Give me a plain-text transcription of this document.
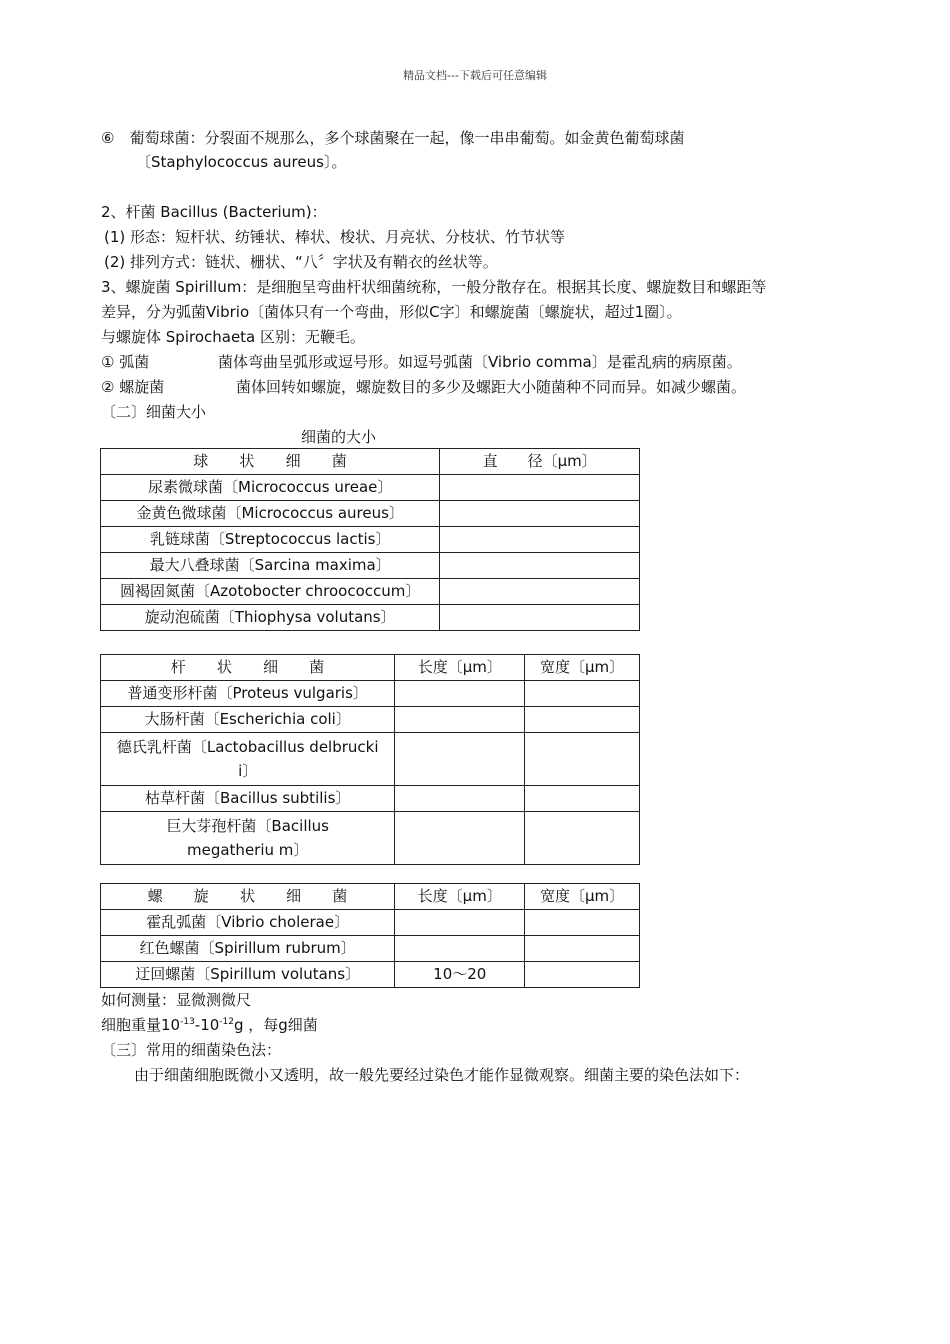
精品文档---下载后可任意编辑
⑥　葡萄球菌：分裂面不规那么，多个球菌聚在一起，像一串串葡萄。如金黄色葡萄球菌
〔Staphylococcus aureus〕。
2、杆菌 Bacillus (Bacterium)：
(1) 形态：短杆状、纺锤状、棒状、梭状、月亮状、分枝状、竹节状等
(2) 排列方式：链状、栅状、“八〞字状及有鞘衣的丝状等。
3、螺旋菌 Spirillum：是细胞呈弯曲杆状细菌统称，一般分散存在。根据其长度、螺旋数目和螺距等
差异，分为弧菌Vibrio〔菌体只有一个弯曲，形似C字〕和螺旋菌〔螺旋状，超过1圈〕。
与螺旋体 Spirochaeta 区别：无鞭毛。
① 弧菌	菌体弯曲呈弧形或逗号形。如逗号弧菌〔Vibrio comma〕是霍乱病的病原菌。
② 螺旋菌	菌体回转如螺旋，螺旋数目的多少及螺距大小随菌种不同而异。如减少螺菌。
〔二〕细菌大小
细菌的大小
球　　状　　细　　菌	直　　径〔μm〕
尿素微球菌〔Micrococcus ureae〕	
金黄色微球菌〔Micrococcus aureus〕	
乳链球菌〔Streptococcus lactis〕	
最大八叠球菌〔Sarcina maxima〕	
圆褐固氮菌〔Azotobocter chroococcum〕	
旋动泡硫菌〔Thiophysa volutans〕	
杆　　状　　细　　菌	长度〔μm〕	宽度〔μm〕
普通变形杆菌〔Proteus vulgaris〕		
大肠杆菌〔Escherichia coli〕		
德氏乳杆菌〔Lactobacillus delbrucki i〕		
枯草杆菌〔Bacillus subtilis〕		
巨大芽孢杆菌〔Bacillus megatheriu m〕		
螺　　旋　　状　　细　　菌	长度〔μm〕	宽度〔μm〕
霍乱弧菌〔Vibrio cholerae〕		
红色螺菌〔Spirillum rubrum〕		
迂回螺菌〔Spirillum volutans〕	10～20	
如何测量：显微测微尺
细胞重量$10^{-13}-10^{-12}g$ ，每g细菌
〔三〕常用的细菌染色法：
由于细菌细胞既微小又透明，故一般先要经过染色才能作显微观察。细菌主要的染色法如下：
